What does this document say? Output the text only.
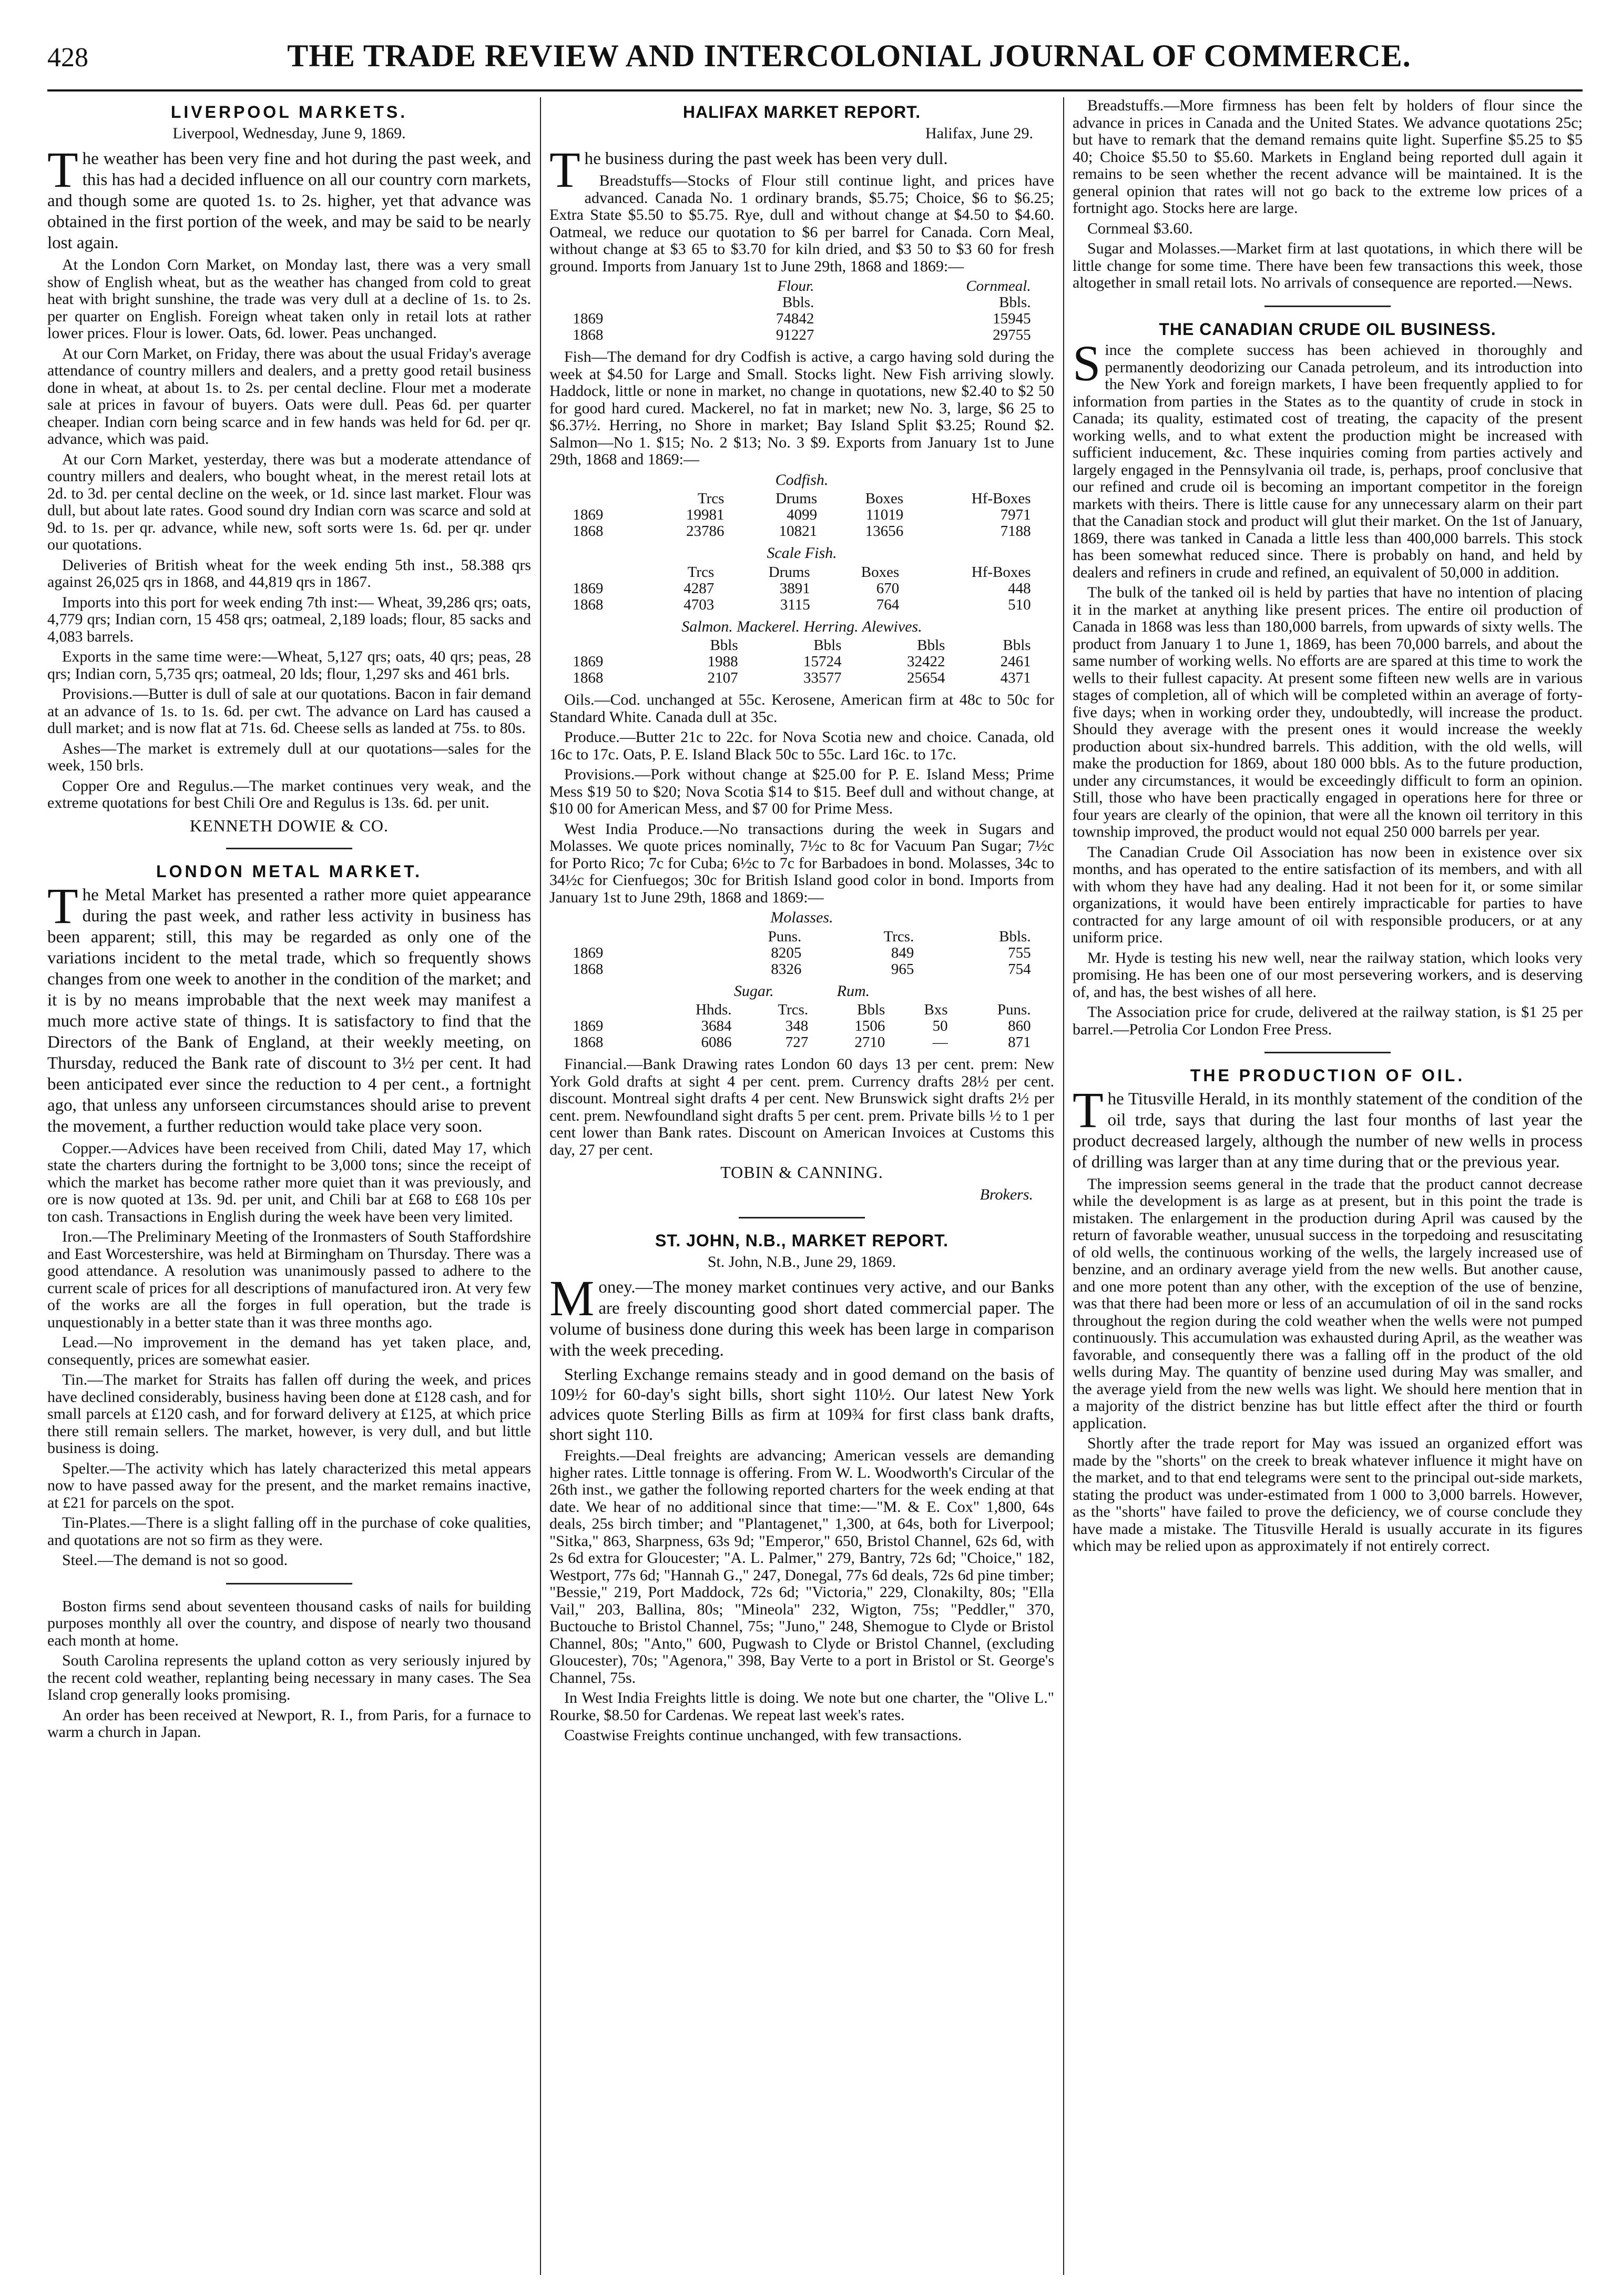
428	THE TRADE REVIEW AND INTERCOLONIAL JOURNAL OF COMMERCE.
LIVERPOOL MARKETS.
Liverpool, Wednesday, June 9, 1869.

The weather has been very fine and hot during the past week, and this has had a decided influence on all our country corn markets, and though some are quoted 1s. to 2s. higher, yet that advance was obtained in the first portion of the week, and may be said to be nearly lost again.

At the London Corn Market, on Monday last, there was a very small show of English wheat, but as the weather has changed from cold to great heat with bright sunshine, the trade was very dull at a decline of 1s. to 2s. per quarter on English. Foreign wheat taken only in retail lots at rather lower prices. Flour is lower. Oats, 6d. lower. Peas unchanged.

At our Corn Market, on Friday, there was about the usual Friday's average attendance of country millers and dealers, and a pretty good retail business done in wheat, at about 1s. to 2s. per cental decline. Flour met a moderate sale at prices in favour of buyers. Oats were dull. Peas 6d. per quarter cheaper. Indian corn being scarce and in few hands was held for 6d. per qr. advance, which was paid.

At our Corn Market, yesterday, there was but a moderate attendance of country millers and dealers, who bought wheat, in the merest retail lots at 2d. to 3d. per cental decline on the week, or 1d. since last market. Flour was dull, but about late rates. Good sound dry Indian corn was scarce and sold at 9d. to 1s. per qr. advance, while new, soft sorts were 1s. 6d. per qr. under our quotations.

Deliveries of British wheat for the week ending 5th inst., 58.388 qrs against 26,025 qrs in 1868, and 44,819 qrs in 1867.

Imports into this port for week ending 7th inst:— Wheat, 39,286 qrs; oats, 4,779 qrs; Indian corn, 15 458 qrs; oatmeal, 2,189 loads; flour, 85 sacks and 4,083 barrels.

Exports in the same time were:—Wheat, 5,127 qrs; oats, 40 qrs; peas, 28 qrs; Indian corn, 5,735 qrs; oatmeal, 20 lds; flour, 1,297 sks and 461 brls.

Provisions.—Butter is dull of sale at our quotations. Bacon in fair demand at an advance of 1s. to 1s. 6d. per cwt. The advance on Lard has caused a dull market; and is now flat at 71s. 6d. Cheese sells as landed at 75s. to 80s.

Ashes—The market is extremely dull at our quotations—sales for the week, 150 brls.

Copper Ore and Regulus.—The market continues very weak, and the extreme quotations for best Chili Ore and Regulus is 13s. 6d. per unit.

KENNETH DOWIE & CO.
LONDON METAL MARKET.

The Metal Market has presented a rather more quiet appearance during the past week, and rather less activity in business has been apparent; still, this may be regarded as only one of the variations incident to the metal trade, which so frequently shows changes from one week to another in the condition of the market; and it is by no means improbable that the next week may manifest a much more active state of things. It is satisfactory to find that the Directors of the Bank of England, at their weekly meeting, on Thursday, reduced the Bank rate of discount to 3½ per cent. It had been anticipated ever since the reduction to 4 per cent., a fortnight ago, that unless any unforseen circumstances should arise to prevent the movement, a further reduction would take place very soon.

Copper.—Advices have been received from Chili, dated May 17, which state the charters during the fortnight to be 3,000 tons; since the receipt of which the market has become rather more quiet than it was previously, and ore is now quoted at 13s. 9d. per unit, and Chili bar at £68 to £68 10s per ton cash. Transactions in English during the week have been very limited.

Iron.—The Preliminary Meeting of the Ironmasters of South Staffordshire and East Worcestershire, was held at Birmingham on Thursday. There was a good attendance. A resolution was unanimously passed to adhere to the current scale of prices for all descriptions of manufactured iron. At very few of the works are all the forges in full operation, but the trade is unquestionably in a better state than it was three months ago.

Lead.—No improvement in the demand has yet taken place, and, consequently, prices are somewhat easier.

Tin.—The market for Straits has fallen off during the week, and prices have declined considerably, business having been done at £128 cash, and for small parcels at £120 cash, and for forward delivery at £125, at which price there still remain sellers. The market, however, is very dull, and but little business is doing.

Spelter.—The activity which has lately characterized this metal appears now to have passed away for the present, and the market remains inactive, at £21 for parcels on the spot.

Tin-Plates.—There is a slight falling off in the purchase of coke qualities, and quotations are not so firm as they were.

Steel.—The demand is not so good.

Boston firms send about seventeen thousand casks of nails for building purposes monthly all over the country, and dispose of nearly two thousand each month at home.

South Carolina represents the upland cotton as very seriously injured by the recent cold weather, replanting being necessary in many cases. The Sea Island crop generally looks promising.

An order has been received at Newport, R. I., from Paris, for a furnace to warm a church in Japan.

HALIFAX MARKET REPORT.
Halifax, June 29.

The business during the past week has been very dull.

Breadstuffs—Stocks of Flour still continue light, and prices have advanced. Canada No. 1 ordinary brands, $5.75; Choice, $6 to $6.25; Extra State $5.50 to $5.75. Rye, dull and without change at $4.50 to $4.60. Oatmeal, we reduce our quotation to $6 per barrel for Canada. Corn Meal, without change at $3 65 to $3.70 for kiln dried, and $3 50 to $3 60 for fresh ground. Imports from January 1st to June 29th, 1868 and 1869:—

	Flour.	Cornmeal.
	Bbls.	Bbls.
1869	74842	15945
1868	91227	29755

Fish—The demand for dry Codfish is active, a cargo having sold during the week at $4.50 for Large and Small. Stocks light. New Fish arriving slowly. Haddock, little or none in market, no change in quotations, new $2.40 to $2 50 for good hard cured. Mackerel, no fat in market; new No. 3, large, $6 25 to $6.37½. Herring, no Shore in market; Bay Island Split $3.25; Round $2. Salmon—No 1. $15; No. 2 $13; No. 3 $9. Exports from January 1st to June 29th, 1868 and 1869:—

Codfish.
	Trcs	Drums	Boxes	Hf-Boxes
1869	19981	4099	11019	7971
1868	23786	10821	13656	7188
Scale Fish.
	Trcs	Drums	Boxes	Hf-Boxes
1869	4287	3891	670	448
1868	4703	3115	764	510
Salmon. Mackerel. Herring. Alewives.
	Bbls	Bbls	Bbls	Bbls
1869	1988	15724	32422	2461
1868	2107	33577	25654	4371

Oils.—Cod. unchanged at 55c. Kerosene, American firm at 48c to 50c for Standard White. Canada dull at 35c.

Produce.—Butter 21c to 22c. for Nova Scotia new and choice. Canada, old 16c to 17c. Oats, P. E. Island Black 50c to 55c. Lard 16c. to 17c.

Provisions.—Pork without change at $25.00 for P. E. Island Mess; Prime Mess $19 50 to $20; Nova Scotia $14 to $15. Beef dull and without change, at $10 00 for American Mess, and $7 00 for Prime Mess.

West India Produce.—No transactions during the week in Sugars and Molasses. We quote prices nominally, 7½c to 8c for Vacuum Pan Sugar; 7½c for Porto Rico; 7c for Cuba; 6½c to 7c for Barbadoes in bond. Molasses, 34c to 34½c for Cienfuegos; 30c for British Island good color in bond. Imports from January 1st to June 29th, 1868 and 1869:—

Molasses.
	Puns.	Trcs.	Bbls.
1869	8205	849	755
1868	8326	965	754
Sugar.                Rum.
	Hhds.	Trcs.	Bbls	Bxs	Puns.
1869	3684	348	1506	50	860
1868	6086	727	2710	—	871

Financial.—Bank Drawing rates London 60 days 13 per cent. prem: New York Gold drafts at sight 4 per cent. prem. Currency drafts 28½ per cent. discount. Montreal sight drafts 4 per cent. New Brunswick sight drafts 2½ per cent. prem. Newfoundland sight drafts 5 per cent. prem. Private bills ½ to 1 per cent lower than Bank rates. Discount on American Invoices at Customs this day, 27 per cent.

TOBIN & CANNING.
Brokers.
ST. JOHN, N.B., MARKET REPORT.
St. John, N.B., June 29, 1869.

Money.—The money market continues very active, and our Banks are freely discounting good short dated commercial paper. The volume of business done during this week has been large in comparison with the week preceding.

Sterling Exchange remains steady and in good demand on the basis of 109½ for 60-day's sight bills, short sight 110½. Our latest New York advices quote Sterling Bills as firm at 109¾ for first class bank drafts, short sight 110.

Freights.—Deal freights are advancing; American vessels are demanding higher rates. Little tonnage is offering. From W. L. Woodworth's Circular of the 26th inst., we gather the following reported charters for the week ending at that date. We hear of no additional since that time:—"M. & E. Cox" 1,800, 64s deals, 25s birch timber; and "Plantagenet," 1,300, at 64s, both for Liverpool; "Sitka," 863, Sharpness, 63s 9d; "Emperor," 650, Bristol Channel, 62s 6d, with 2s 6d extra for Gloucester; "A. L. Palmer," 279, Bantry, 72s 6d; "Choice," 182, Westport, 77s 6d; "Hannah G.," 247, Donegal, 77s 6d deals, 72s 6d pine timber; "Bessie," 219, Port Maddock, 72s 6d; "Victoria," 229, Clonakilty, 80s; "Ella Vail," 203, Ballina, 80s; "Mineola" 232, Wigton, 75s; "Peddler," 370, Buctouche to Bristol Channel, 75s; "Juno," 248, Shemogue to Clyde or Bristol Channel, 80s; "Anto," 600, Pugwash to Clyde or Bristol Channel, (excluding Gloucester), 70s; "Agenora," 398, Bay Verte to a port in Bristol or St. George's Channel, 75s.

In West India Freights little is doing. We note but one charter, the "Olive L." Rourke, $8.50 for Cardenas. We repeat last week's rates.

Coastwise Freights continue unchanged, with few transactions.

Breadstuffs.—More firmness has been felt by holders of flour since the advance in prices in Canada and the United States. We advance quotations 25c; but have to remark that the demand remains quite light. Superfine $5.25 to $5 40; Choice $5.50 to $5.60. Markets in England being reported dull again it remains to be seen whether the recent advance will be maintained. It is the general opinion that rates will not go back to the extreme low prices of a fortnight ago. Stocks here are large.

Cornmeal $3.60.

Sugar and Molasses.—Market firm at last quotations, in which there will be little change for some time. There have been few transactions this week, those altogether in small retail lots. No arrivals of consequence are reported.—News.

THE CANADIAN CRUDE OIL BUSINESS.

Since the complete success has been achieved in thoroughly and permanently deodorizing our Canada petroleum, and its introduction into the New York and foreign markets, I have been frequently applied to for information from parties in the States as to the quantity of crude in stock in Canada; its quality, estimated cost of treating, the capacity of the present working wells, and to what extent the production might be increased with sufficient inducement, &c. These inquiries coming from parties actively and largely engaged in the Pennsylvania oil trade, is, perhaps, proof conclusive that our refined and crude oil is becoming an important competitor in the foreign markets with theirs. There is little cause for any unnecessary alarm on their part that the Canadian stock and product will glut their market. On the 1st of January, 1869, there was tanked in Canada a little less than 400,000 barrels. This stock has been somewhat reduced since. There is probably on hand, and held by dealers and refiners in crude and refined, an equivalent of 50,000 in addition.

The bulk of the tanked oil is held by parties that have no intention of placing it in the market at anything like present prices. The entire oil production of Canada in 1868 was less than 180,000 barrels, from upwards of sixty wells. The product from January 1 to June 1, 1869, has been 70,000 barrels, and about the same number of working wells. No efforts are are spared at this time to work the wells to their fullest capacity. At present some fifteen new wells are in various stages of completion, all of which will be completed within an average of forty-five days; when in working order they, undoubtedly, will increase the product. Should they average with the present ones it would increase the weekly production about six-hundred barrels. This addition, with the old wells, will make the production for 1869, about 180 000 bbls. As to the future production, under any circumstances, it would be exceedingly difficult to form an opinion. Still, those who have been practically engaged in operations here for three or four years are clearly of the opinion, that were all the known oil territory in this township improved, the product would not equal 250 000 barrels per year.

The Canadian Crude Oil Association has now been in existence over six months, and has operated to the entire satisfaction of its members, and with all with whom they have had any dealing. Had it not been for it, or some similar organizations, it would have been entirely impracticable for parties to have contracted for any large amount of oil with responsible producers, or at any uniform price.

Mr. Hyde is testing his new well, near the railway station, which looks very promising. He has been one of our most persevering workers, and is deserving of, and has, the best wishes of all here.

The Association price for crude, delivered at the railway station, is $1 25 per barrel.—Petrolia Cor London Free Press.

THE PRODUCTION OF OIL.

The Titusville Herald, in its monthly statement of the condition of the oil trde, says that during the last four months of last year the product decreased largely, although the number of new wells in process of drilling was larger than at any time during that or the previous year.

The impression seems general in the trade that the product cannot decrease while the development is as large as at present, but in this point the trade is mistaken. The enlargement in the production during April was caused by the return of favorable weather, unusual success in the torpedoing and resuscitating of old wells, the continuous working of the wells, the largely increased use of benzine, and an ordinary average yield from the new wells. But another cause, and one more potent than any other, with the exception of the use of benzine, was that there had been more or less of an accumulation of oil in the sand rocks throughout the region during the cold weather when the wells were not pumped continuously. This accumulation was exhausted during April, as the weather was favorable, and consequently there was a falling off in the product of the old wells during May. The quantity of benzine used during May was smaller, and the average yield from the new wells was light. We should here mention that in a majority of the district benzine has but little effect after the third or fourth application.

Shortly after the trade report for May was issued an organized effort was made by the "shorts" on the creek to break whatever influence it might have on the market, and to that end telegrams were sent to the principal out-side markets, stating the product was under-estimated from 1 000 to 3,000 barrels. However, as the "shorts" have failed to prove the deficiency, we of course conclude they have made a mistake. The Titusville Herald is usually accurate in its figures which may be relied upon as approximately if not entirely correct.
